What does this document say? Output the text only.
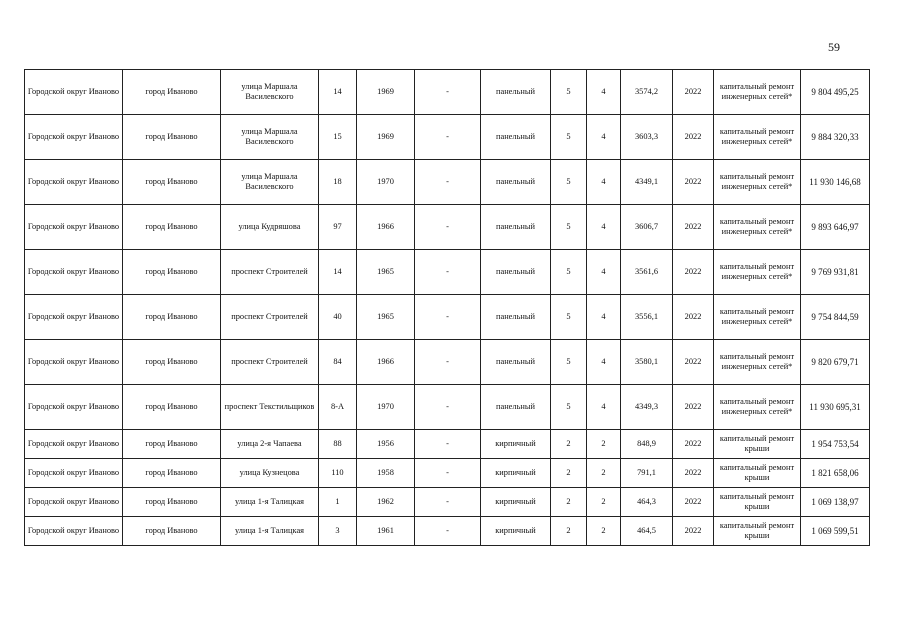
59
Городской округ Иваново	город Иваново	улица Маршала Василевского	14	1969	-	панельный	5	4	3574,2	2022	капитальный ремонт инженерных сетей*	9 804 495,25
Городской округ Иваново	город Иваново	улица Маршала Василевского	15	1969	-	панельный	5	4	3603,3	2022	капитальный ремонт инженерных сетей*	9 884 320,33
Городской округ Иваново	город Иваново	улица Маршала Василевского	18	1970	-	панельный	5	4	4349,1	2022	капитальный ремонт инженерных сетей*	11 930 146,68
Городской округ Иваново	город Иваново	улица Кудряшова	97	1966	-	панельный	5	4	3606,7	2022	капитальный ремонт инженерных сетей*	9 893 646,97
Городской округ Иваново	город Иваново	проспект Строителей	14	1965	-	панельный	5	4	3561,6	2022	капитальный ремонт инженерных сетей*	9 769 931,81
Городской округ Иваново	город Иваново	проспект Строителей	40	1965	-	панельный	5	4	3556,1	2022	капитальный ремонт инженерных сетей*	9 754 844,59
Городской округ Иваново	город Иваново	проспект Строителей	84	1966	-	панельный	5	4	3580,1	2022	капитальный ремонт инженерных сетей*	9 820 679,71
Городской округ Иваново	город Иваново	проспект Текстильщиков	8-А	1970	-	панельный	5	4	4349,3	2022	капитальный ремонт инженерных сетей*	11 930 695,31
Городской округ Иваново	город Иваново	улица 2-я Чапаева	88	1956	-	кирпичный	2	2	848,9	2022	капитальный ремонт крыши	1 954 753,54
Городской округ Иваново	город Иваново	улица Кузнецова	110	1958	-	кирпичный	2	2	791,1	2022	капитальный ремонт крыши	1 821 658,06
Городской округ Иваново	город Иваново	улица 1-я Талицкая	1	1962	-	кирпичный	2	2	464,3	2022	капитальный ремонт крыши	1 069 138,97
Городской округ Иваново	город Иваново	улица 1-я Талицкая	3	1961	-	кирпичный	2	2	464,5	2022	капитальный ремонт крыши	1 069 599,51
